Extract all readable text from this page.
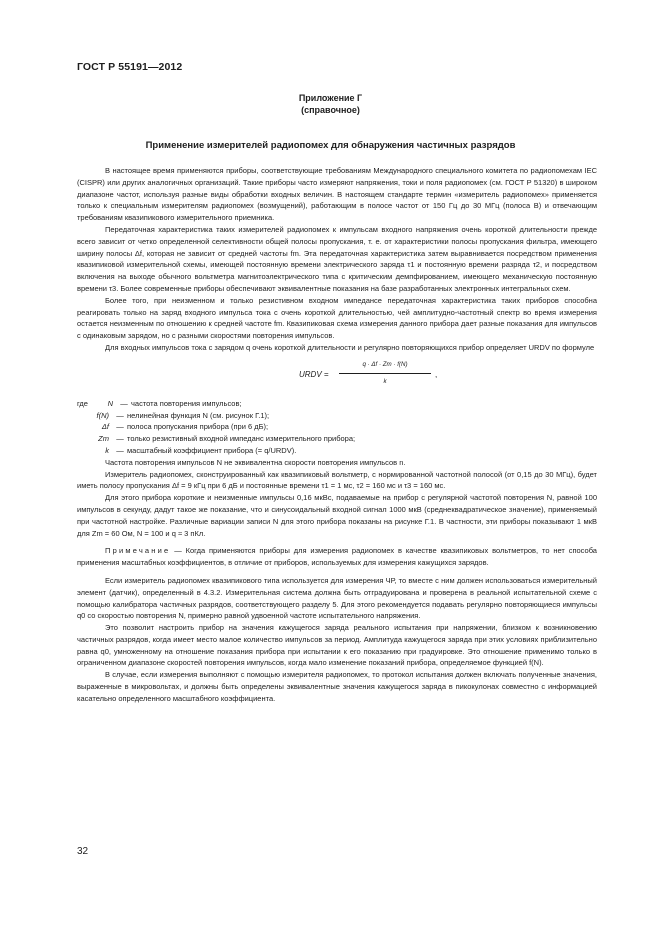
ГОСТ Р 55191—2012
Приложение Г
(справочное)
Применение измерителей радиопомех для обнаружения частичных разрядов

В настоящее время применяются приборы, соответствующие требованиям Международного специального комитета по радиопомехам IEC (CISPR) или других аналогичных организаций. Такие приборы часто измеряют напряжения, токи и поля радиопомех (см. ГОСТ Р 51320) в широком диапазоне частот, используя разные виды обработки входных величин. В настоящем стандарте термин «измеритель радиопомех» применяется только к специальным измерителям радиопомех (возмущений), работающим в полосе частот от 150 Гц до 30 МГц (полоса В) и отвечающим требованиям квазипикового измерительного приемника.

Передаточная характеристика таких измерителей радиопомех к импульсам входного напряжения очень короткой длительности прежде всего зависит от четко определенной селективности общей полосы пропускания, т. е. от характеристики полосы пропускания фильтра, имеющего ширину полосы Δf, которая не зависит от средней частоты fm. Эта передаточная характеристика затем выравнивается посредством применения квазипиковой измерительной схемы, имеющей постоянную времени электрического заряда τ1 и постоянную времени разряда τ2, и посредством включения на выходе обычного вольтметра магнитоэлектрического типа с критическим демпфированием, имеющего механическую постоянную времени τ3. Более современные приборы обеспечивают эквивалентные показания на базе разработанных электронных интегральных схем.

Более того, при неизменном и только резистивном входном импедансе передаточная характеристика таких приборов способна реагировать только на заряд входного импульса тока с очень короткой длительностью, чей амплитудно-частотный спектр во время измерения остается неизменным по отношению к средней частоте fm. Квазипиковая схема измерения данного прибора дает разные показания для импульсов с одинаковым зарядом, но с разными скоростями повторения импульсов.

Для входных импульсов тока с зарядом q очень короткой длительности и регулярно повторяющихся прибор определяет URDV по формуле

URDV = $\frac{q \cdot \Delta f \cdot Zm \cdot f(N)}{k}$ ,
где	N — частота повторения импульсов;
f(N) — нелинейная функция N (см. рисунок Г.1);
Δf — полоса пропускания прибора (при 6 дБ);
Zm — только резистивный входной импеданс измерительного прибора;
k — масштабный коэффициент прибора (= q/URDV).

Частота повторения импульсов N не эквивалентна скорости повторения импульсов n.

Измеритель радиопомех, сконструированный как квазипиковый вольтметр, с нормированной частотной полосой (от 0,15 до 30 МГц), будет иметь полосу пропускания Δf = 9 кГц при 6 дБ и постоянные времени τ1 = 1 мс, τ2 = 160 мс и τ3 = 160 мс.

Для этого прибора короткие и неизменные импульсы 0,16 мкВс, подаваемые на прибор с регулярной частотой повторения N, равной 100 импульсов в секунду, дадут такое же показание, что и синусоидальный входной сигнал 1000 мкВ (среднеквадратическое значение), применяемый при частотной настройке. Различные вариации записи N для этого прибора показаны на рисунке Г.1. В частности, эти приборы показывают 1 мкВ для Zm = 60 Ом, N = 100 и q ≈ 3 пКл.

Примечание — Когда применяются приборы для измерения радиопомех в качестве квазипиковых вольтметров, то нет способа применения масштабных коэффициентов, в отличие от приборов, используемых для измерения кажущихся зарядов.

Если измеритель радиопомех квазипикового типа используется для измерения ЧР, то вместе с ним должен использоваться измерительный элемент (датчик), определенный в 4.3.2. Измерительная система должна быть отградуирована и проверена в реальной испытательной схеме с помощью калибратора частичных разрядов, соответствующего разделу 5. Для этого рекомендуется подавать регулярно повторяющиеся импульсы q0 со скоростью повторения N, примерно равной удвоенной частоте испытательного напряжения.

Это позволит настроить прибор на значения кажущегося заряда реального испытания при напряжении, близком к возникновению частичных разрядов, когда имеет место малое количество импульсов за период. Амплитуда кажущегося заряда при этих условиях приблизительно равна q0, умноженному на отношение показания прибора при испытании к его показанию при градуировке. Это отношение применимо только в ограниченном диапазоне скоростей повторения импульсов, когда мало изменение показаний прибора, определяемое функцией f(N).

В случае, если измерения выполняют с помощью измерителя радиопомех, то протокол испытания должен включать полученные значения, выраженные в микровольтах, и должны быть определены эквивалентные значения кажущегося заряда в пикокулонах совместно с информацией касательно определенного масштабного коэффициента.

32
